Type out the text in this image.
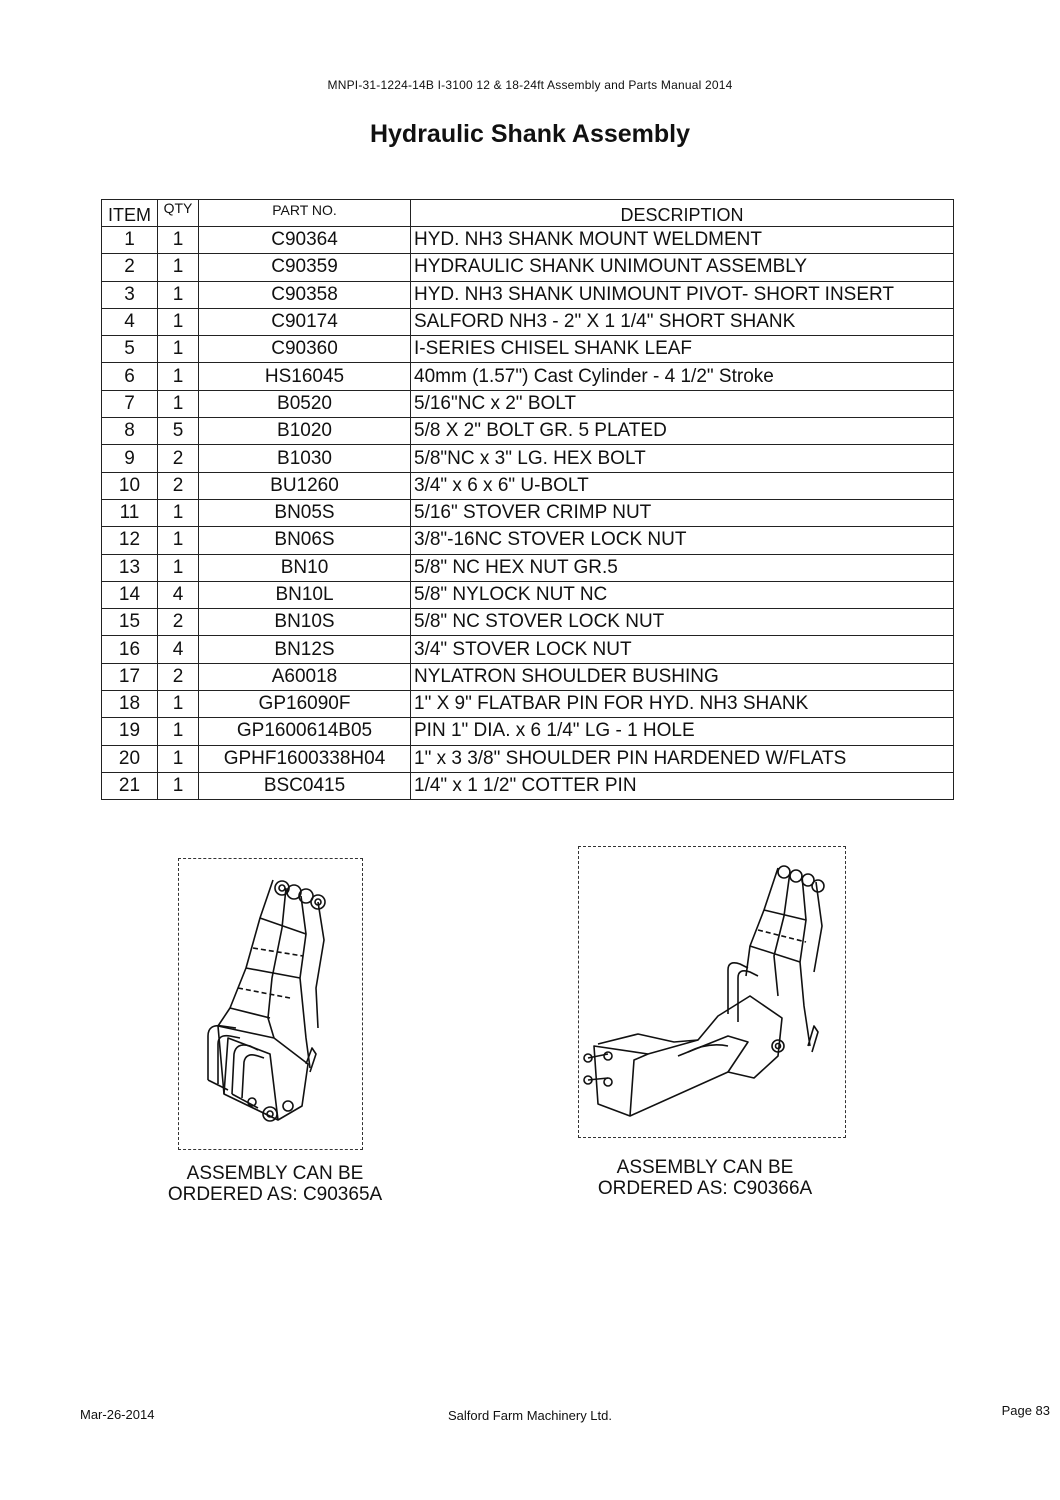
MNPI-31-1224-14B I-3100 12 & 18-24ft Assembly and Parts Manual 2014
Hydraulic Shank Assembly
ITEM	QTY	PART NO.	DESCRIPTION
1	1	C90364	HYD. NH3 SHANK MOUNT WELDMENT
2	1	C90359	HYDRAULIC SHANK UNIMOUNT ASSEMBLY
3	1	C90358	HYD. NH3 SHANK UNIMOUNT PIVOT- SHORT INSERT
4	1	C90174	SALFORD NH3 - 2" X 1 1/4" SHORT SHANK
5	1	C90360	I-SERIES CHISEL SHANK LEAF
6	1	HS16045	40mm (1.57") Cast Cylinder - 4 1/2" Stroke
7	1	B0520	5/16"NC x 2" BOLT
8	5	B1020	5/8 X 2" BOLT GR. 5 PLATED
9	2	B1030	5/8"NC x 3" LG. HEX BOLT
10	2	BU1260	3/4" x 6 x 6" U-BOLT
11	1	BN05S	5/16" STOVER CRIMP NUT
12	1	BN06S	3/8"-16NC STOVER LOCK NUT
13	1	BN10	5/8" NC HEX NUT GR.5
14	4	BN10L	5/8" NYLOCK NUT NC
15	2	BN10S	5/8" NC STOVER LOCK NUT
16	4	BN12S	3/4" STOVER LOCK NUT
17	2	A60018	NYLATRON SHOULDER BUSHING
18	1	GP16090F	1" X 9" FLATBAR PIN FOR HYD. NH3 SHANK
19	1	GP1600614B05	PIN 1" DIA. x 6 1/4" LG - 1 HOLE
20	1	GPHF1600338H04	1" x 3 3/8" SHOULDER PIN HARDENED W/FLATS
21	1	BSC0415	1/4" x 1 1/2" COTTER PIN
ASSEMBLY CAN BE
ORDERED AS: C90365A
ASSEMBLY CAN BE
ORDERED AS: C90366A
Mar-26-2014	Salford Farm Machinery Ltd.	Page 83
